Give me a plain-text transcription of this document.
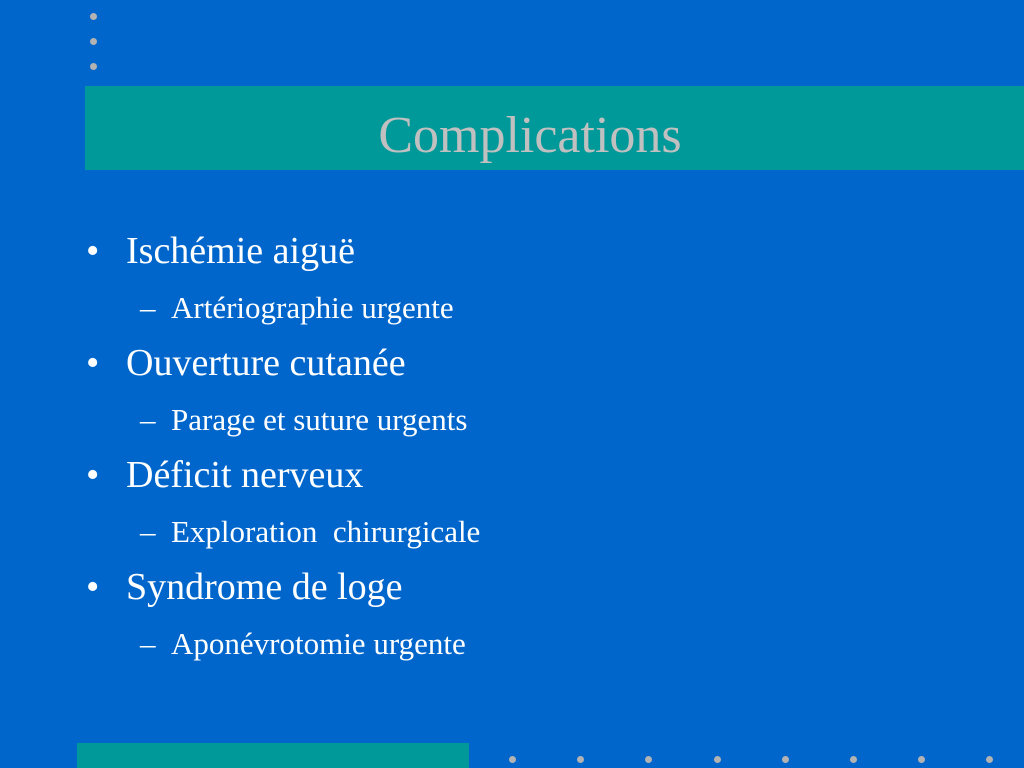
Complications
• Ischémie aiguë
– Artériographie urgente
• Ouverture cutanée
– Parage et suture urgents
• Déficit nerveux
– Exploration  chirurgicale
• Syndrome de loge
– Aponévrotomie urgente
